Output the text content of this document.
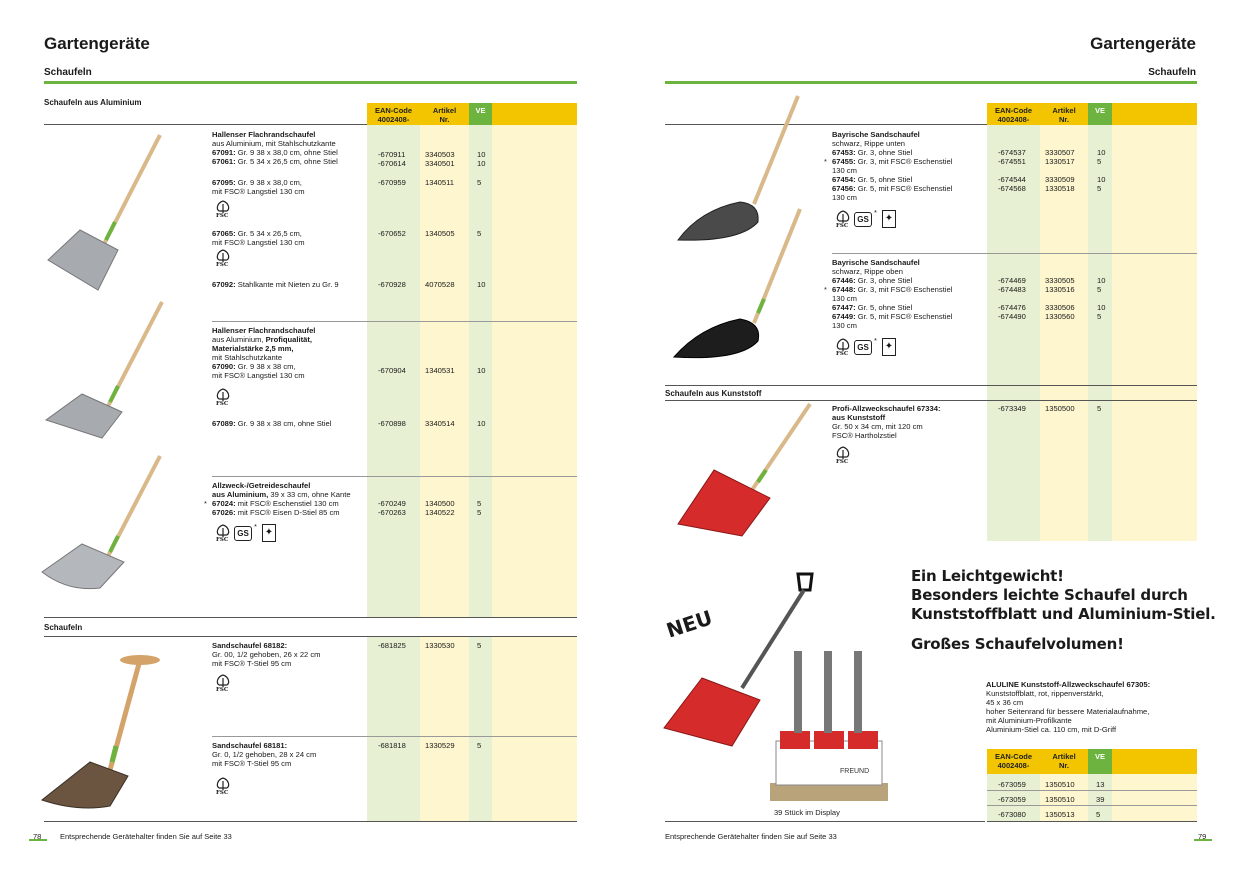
Gartengeräte
Schaufeln
Schaufeln aus Aluminium
EAN-Code
4002408-
Artikel
Nr.
VE
Schaufeln
Hallenser Flachrandschaufel
aus Aluminium, mit Stahlschutzkante
67091: Gr. 9 38 x 38,0 cm, ohne Stiel
67061: Gr. 5 34 x 26,5 cm, ohne Stiel
-670911	3340503	10
-670614	3340501	10
67095: Gr. 9 38 x 38,0 cm,
mit FSC® Langstiel 130 cm
-670959	1340511	5
FSC
67065: Gr. 5 34 x 26,5 cm,
mit FSC® Langstiel 130 cm
-670652	1340505	5
FSC
67092: Stahlkante mit Nieten zu Gr. 9	-670928	4070528	10
Hallenser Flachrandschaufel
aus Aluminium, Profiqualität,
Materialstärke 2,5 mm,
mit Stahlschutzkante
67090: Gr. 9 38 x 38 cm,
mit FSC® Langstiel 130 cm
-670904	1340531	10
FSC
67089: Gr. 9 38 x 38 cm, ohne Stiel	-670898	3340514	10
Allzweck-/Getreideschaufel
aus Aluminium, 39 x 33 cm, ohne Kante
67024: mit FSC® Eschenstiel 130 cm
67026: mit FSC® Eisen D-Stiel 85 cm
-670249	1340500	5
*
-670263	1340522	5
FSC
GS
*
✦
Sandschaufel 68182:
Gr. 00, 1/2 gehoben, 26 x 22 cm
mit FSC® T-Stiel 95 cm
-681825	1330530	5
FSC
Sandschaufel 68181:
Gr. 0, 1/2 gehoben, 28 x 24 cm
mit FSC® T-Stiel 95 cm
-681818	1330529	5
FSC
78 Entsprechende Gerätehalter finden Sie auf Seite 33
Gartengeräte
Schaufeln
EAN-Code
4002408-
Artikel
Nr.
VE
Schaufeln aus Kunststoff
NEU
FREUND
39 Stück im Display
Ein Leichtgewicht!
Besonders leichte Schaufel durch
Kunststoffblatt und Aluminium-Stiel.
Großes Schaufelvolumen!
ALULINE Kunststoff-Allzweckschaufel 67305:
Kunststoffblatt, rot, rippenverstärkt,
45 x 36 cm
hoher Seitenrand für bessere Materialaufnahme,
mit Aluminium-Profilkante
Aluminium-Stiel ca. 110 cm, mit D-Griff
EAN-Code
4002408-
Artikel
Nr.
VE
Bayrische Sandschaufel
schwarz, Rippe unten
67453: Gr. 3, ohne Stiel
67455: Gr. 3, mit FSC® Eschenstiel
130 cm
67454: Gr. 5, ohne Stiel
67456: Gr. 5, mit FSC® Eschenstiel
130 cm
-674537	3330507	10
-674551	1330517	5
*
-674544	3330509	10
-674568	1330518	5
FSC
GS
*
✦
Bayrische Sandschaufel
schwarz, Rippe oben
67446: Gr. 3, ohne Stiel
67448: Gr. 3, mit FSC® Eschenstiel
130 cm
67447: Gr. 5, ohne Stiel
67449: Gr. 5, mit FSC® Eschenstiel
130 cm
-674469	3330505	10
-674483	1330516	5
*
-674476	3330506	10
-674490	1330560	5
FSC
GS
*
✦
Profi-Allzweckschaufel 67334:
aus Kunststoff
Gr. 50 x 34 cm, mit 120 cm
FSC® Hartholzstiel
-673349	1350500	5
FSC
-673059	1350510	13
-673059	1350510	39
-673080	1350513	5
Entsprechende Gerätehalter finden Sie auf Seite 33	79
